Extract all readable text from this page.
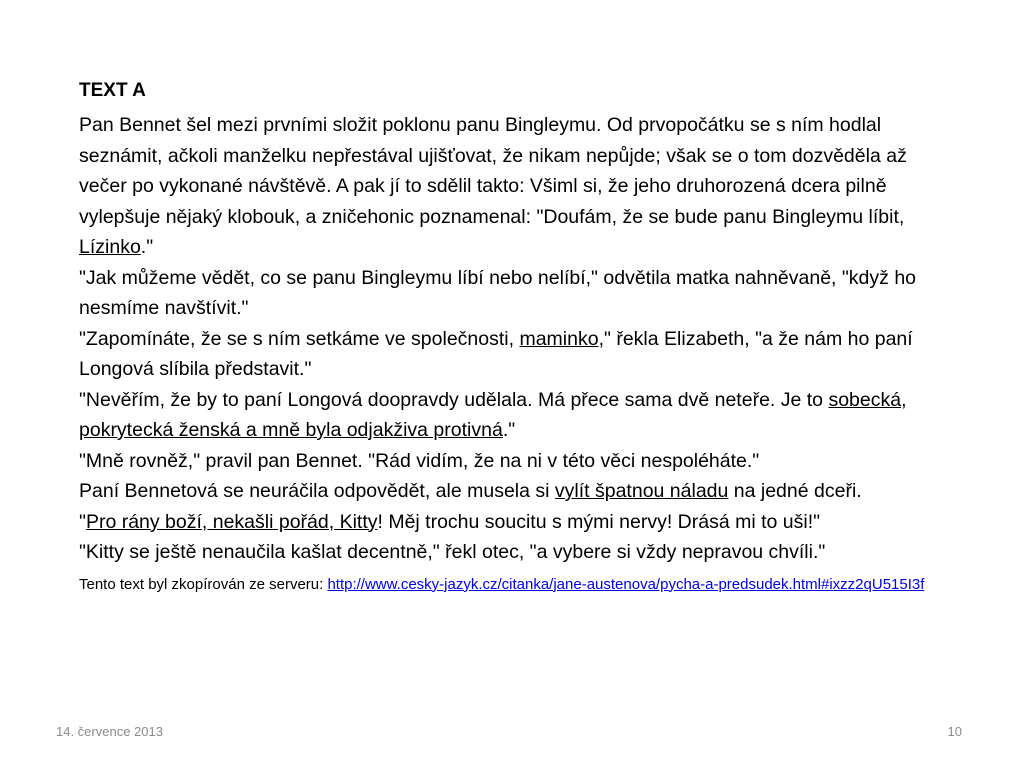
TEXT A

Pan Bennet šel mezi prvními složit poklonu panu Bingleymu. Od prvopočátku se s ním hodlal seznámit, ačkoli manželku nepřestával ujišťovat, že nikam nepůjde; však se o tom dozvěděla až večer po vykonané návštěvě. A pak jí to sdělil takto: Všiml si, že jeho druhorozená dcera pilně vylepšuje nějaký klobouk, a zničehonic poznamenal: "Doufám, že se bude panu Bingleymu líbit, Lízinko."

"Jak můžeme vědět, co se panu Bingleymu líbí nebo nelíbí," odvětila matka nahněvaně, "když ho nesmíme navštívit."

"Zapomínáte, že se s ním setkáme ve společnosti, maminko," řekla Elizabeth, "a že nám ho paní Longová slíbila představit."

"Nevěřím, že by to paní Longová doopravdy udělala. Má přece sama dvě neteře. Je to sobecká, pokrytecká ženská a mně byla odjakživa protivná."

"Mně rovněž," pravil pan Bennet. "Rád vidím, že na ni v této věci nespoléháte."

Paní Bennetová se neuráčila odpovědět, ale musela si vylít špatnou náladu na jedné dceři.

"Pro rány boží, nekašli pořád, Kitty! Měj trochu soucitu s mými nervy! Drásá mi to uši!"

"Kitty se ještě nenaučila kašlat decentně," řekl otec, "a vybere si vždy nepravou chvíli."

Tento text byl zkopírován ze serveru: http://www.cesky-jazyk.cz/citanka/jane-austenova/pycha-a-predsudek.html#ixzz2qU515I3f
14. července 2013	10
